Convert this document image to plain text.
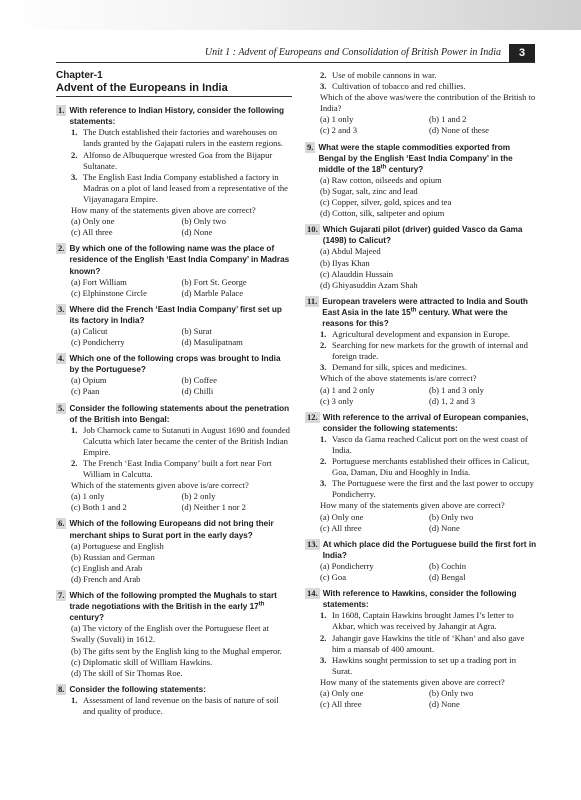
Unit 1 : Advent of Europeans and Consolidation of British Power in India	3
Chapter-1
Advent of the Europeans in India
1. With reference to Indian History, consider the following statements:
1. The Dutch established their factories and warehouses on lands granted by the Gajapati rulers in the eastern regions.
2. Alfonso de Albuquerque wrested Goa from the Bijapur Sultanate.
3. The English East India Company established a factory in Madras on a plot of land leased from a representative of the Vijayanagara Empire.
How many of the statements given above are correct?
(a) Only one	(b) Only two
(c) All three	(d) None
2. By which one of the following name was the place of residence of the English ‘East India Company’ in Madras known?
(a) Fort William	(b) Fort St. George
(c) Elphinstone Circle	(d) Marble Palace
3. Where did the French ‘East India Company’ first set up its factory in India?
(a) Calicut	(b) Surat
(c) Pondicherry	(d) Masulipatnam
4. Which one of the following crops was brought to India by the Portuguese?
(a) Opium	(b) Coffee
(c) Paan	(d) Chilli
5. Consider the following statements about the penetration of the British into Bengal:
1. Job Charnock came to Sutanuti in August 1690 and founded Calcutta which later became the center of the British Indian Empire.
2. The French ‘East India Company’ built a fort near Fort William in Calcutta.
Which of the statements given above is/are correct?
(a) 1 only	(b) 2 only
(c) Both 1 and 2	(d) Neither 1 nor 2
6. Which of the following Europeans did not bring their merchant ships to Surat port in the early days?
(a) Portuguese and English
(b) Russian and German
(c) English and Arab
(d) French and Arab
7. Which of the following prompted the Mughals to start trade negotiations with the British in the early 17th century?
(a) The victory of the English over the Portuguese fleet at Swally (Suvali) in 1612.
(b) The gifts sent by the English king to the Mughal emperor.
(c) Diplomatic skill of William Hawkins.
(d) The skill of Sir Thomas Roe.
8. Consider the following statements:
1. Assessment of land revenue on the basis of nature of soil and quality of produce.
2. Use of mobile cannons in war.
3. Cultivation of tobacco and red chillies.
Which of the above was/were the contribution of the British to India?
(a) 1 only	(b) 1 and 2
(c) 2 and 3	(d) None of these
9. What were the staple commodities exported from Bengal by the English ‘East India Company’ in the middle of the 18th century?
(a) Raw cotton, oilseeds and opium
(b) Sugar, salt, zinc and lead
(c) Copper, silver, gold, spices and tea
(d) Cotton, silk, saltpeter and opium
10. Which Gujarati pilot (driver) guided Vasco da Gama (1498) to Calicut?
(a) Abdul Majeed
(b) Ilyas Khan
(c) Alauddin Hussain
(d) Ghiyasuddin Azam Shah
11. European travelers were attracted to India and South East Asia in the late 15th century. What were the reasons for this?
1. Agricultural development and expansion in Europe.
2. Searching for new markets for the growth of internal and foreign trade.
3. Demand for silk, spices and medicines.
Which of the above statements is/are correct?
(a) 1 and 2 only	(b) 1 and 3 only
(c) 3 only	(d) 1, 2 and 3
12. With reference to the arrival of European companies, consider the following statements:
1. Vasco da Gama reached Calicut port on the west coast of India.
2. Portuguese merchants established their offices in Calicut, Goa, Daman, Diu and Hooghly in India.
3. The Portuguese were the first and the last power to occupy Pondicherry.
How many of the statements given above are correct?
(a) Only one	(b) Only two
(c) All three	(d) None
13. At which place did the Portuguese build the first fort in India?
(a) Pondicherry	(b) Cochin
(c) Goa	(d) Bengal
14. With reference to Hawkins, consider the following statements:
1. In 1608, Captain Hawkins brought James I’s letter to Akbar, which was received by Jahangir at Agra.
2. Jahangir gave Hawkins the title of ‘Khan’ and also gave him a mansab of 400 amount.
3. Hawkins sought permission to set up a trading port in Surat.
How many of the statements given above are correct?
(a) Only one	(b) Only two
(c) All three	(d) None
